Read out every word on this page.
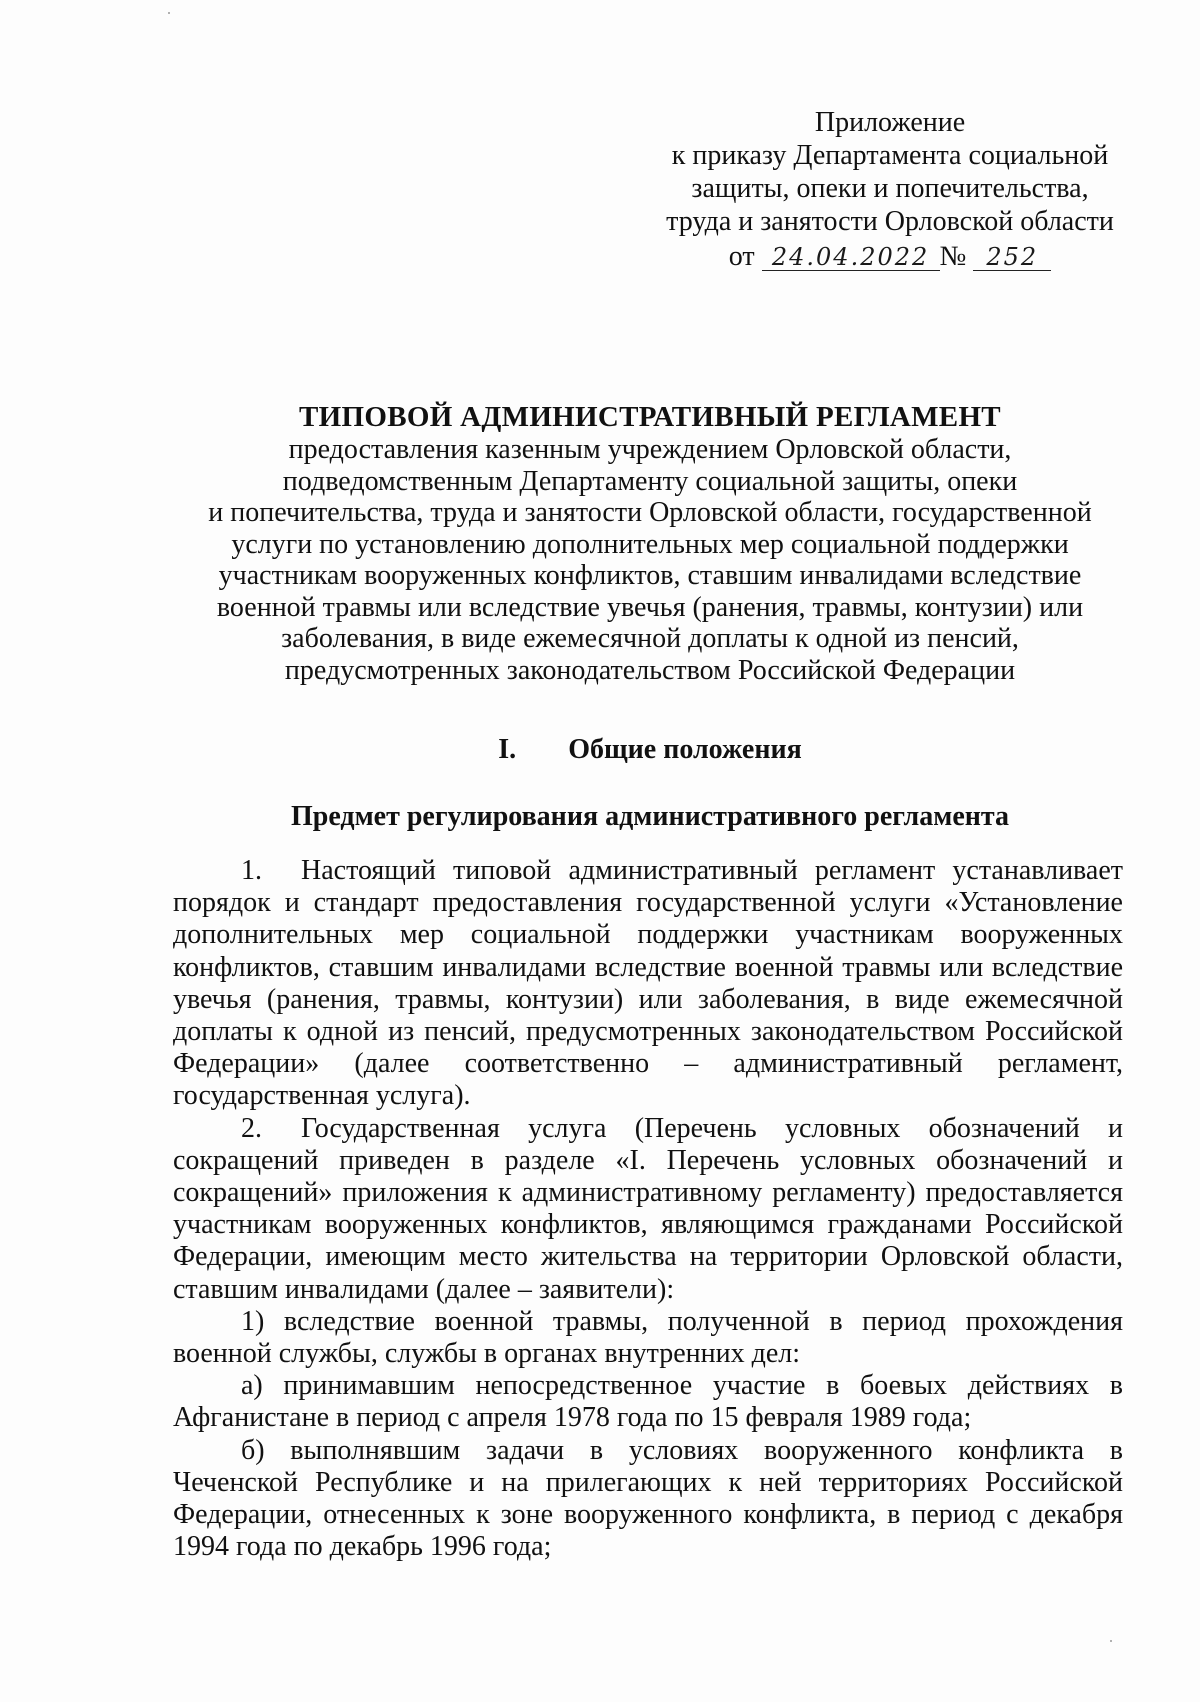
Приложение
к приказу Департамента социальной
защиты, опеки и попечительства,
труда и занятости Орловской области
от 24.04.2022 № 252
ТИПОВОЙ АДМИНИСТРАТИВНЫЙ РЕГЛАМЕНТ
предоставления казенным учреждением Орловской области,
подведомственным Департаменту социальной защиты, опеки
и попечительства, труда и занятости Орловской области, государственной
услуги по установлению дополнительных мер социальной поддержки
участникам вооруженных конфликтов, ставшим инвалидами вследствие
военной травмы или вследствие увечья (ранения, травмы, контузии) или
заболевания, в виде ежемесячной доплаты к одной из пенсий,
предусмотренных законодательством Российской Федерации
I. Общие положения
Предмет регулирования административного регламента

1. Настоящий типовой административный регламент устанавливает порядок и стандарт предоставления государственной услуги «Установление дополнительных мер социальной поддержки участникам вооруженных конфликтов, ставшим инвалидами вследствие военной травмы или вследствие увечья (ранения, травмы, контузии) или заболевания, в виде ежемесячной доплаты к одной из пенсий, предусмотренных законодательством Российской Федерации» (далее соответственно – административный регламент, государственная услуга).

2. Государственная услуга (Перечень условных обозначений и сокращений приведен в разделе «I. Перечень условных обозначений и сокращений» приложения к административному регламенту) предоставляется участникам вооруженных конфликтов, являющимся гражданами Российской Федерации, имеющим место жительства на территории Орловской области, ставшим инвалидами (далее – заявители):

1) вследствие военной травмы, полученной в период прохождения военной службы, службы в органах внутренних дел:

а) принимавшим непосредственное участие в боевых действиях в Афганистане в период с апреля 1978 года по 15 февраля 1989 года;

б) выполнявшим задачи в условиях вооруженного конфликта в Чеченской Республике и на прилегающих к ней территориях Российской Федерации, отнесенных к зоне вооруженного конфликта, в период с декабря 1994 года по декабрь 1996 года;
